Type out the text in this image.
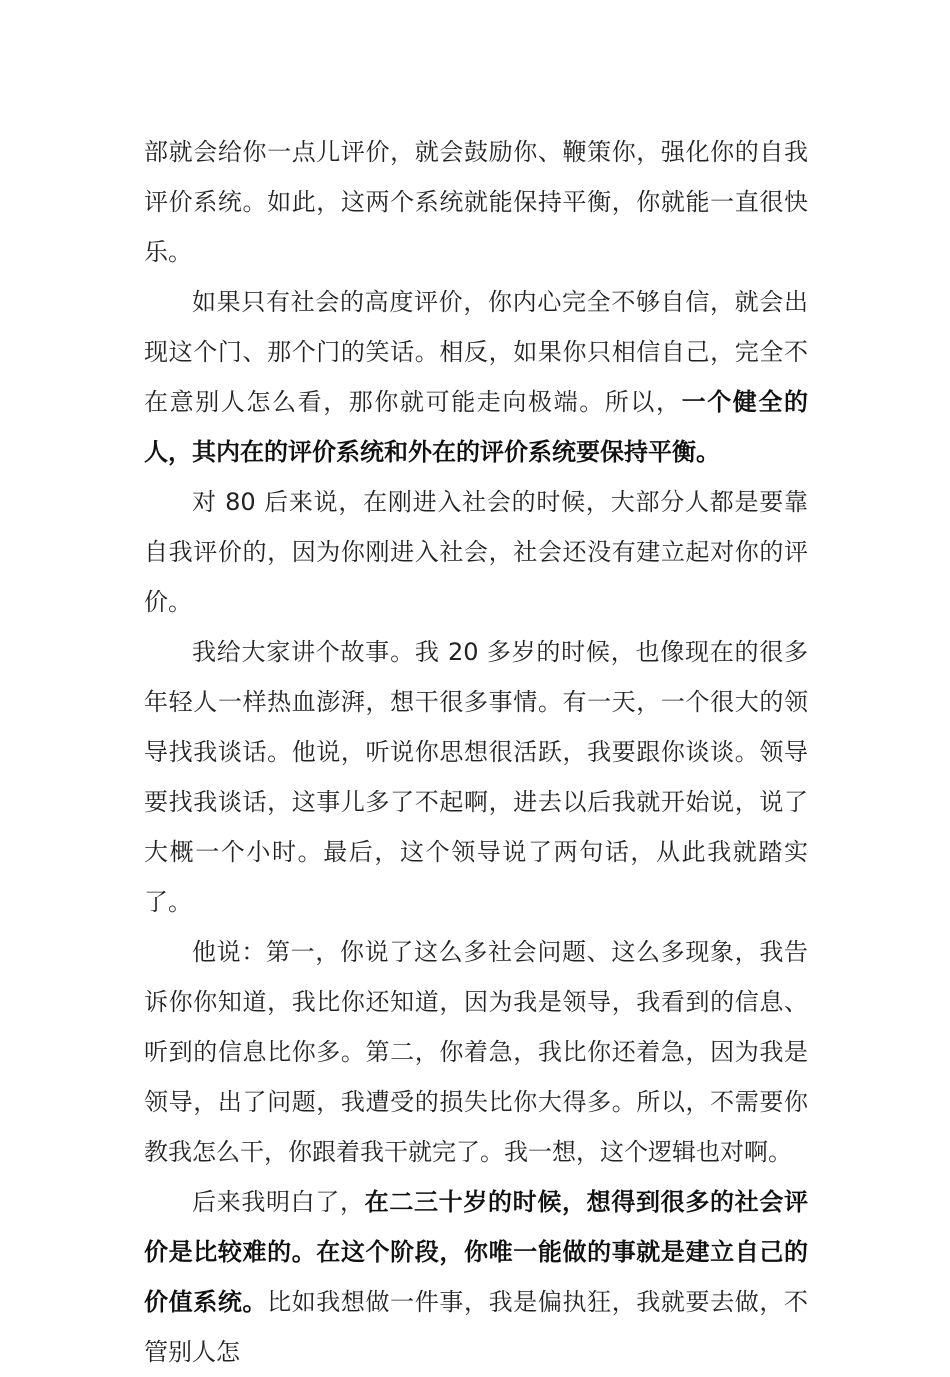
部就会给你一点儿评价，就会鼓励你、鞭策你，强化你的自我评价系统。如此，这两个系统就能保持平衡，你就能一直很快乐。

如果只有社会的高度评价，你内心完全不够自信，就会出现这个门、那个门的笑话。相反，如果你只相信自己，完全不在意别人怎么看，那你就可能走向极端。所以，一个健全的人，其内在的评价系统和外在的评价系统要保持平衡。

对 80 后来说，在刚进入社会的时候，大部分人都是要靠自我评价的，因为你刚进入社会，社会还没有建立起对你的评价。

我给大家讲个故事。我 20 多岁的时候，也像现在的很多年轻人一样热血澎湃，想干很多事情。有一天，一个很大的领导找我谈话。他说，听说你思想很活跃，我要跟你谈谈。领导要找我谈话，这事儿多了不起啊，进去以后我就开始说，说了大概一个小时。最后，这个领导说了两句话，从此我就踏实了。

他说：第一，你说了这么多社会问题、这么多现象，我告诉你你知道，我比你还知道，因为我是领导，我看到的信息、听到的信息比你多。第二，你着急，我比你还着急，因为我是领导，出了问题，我遭受的损失比你大得多。所以，不需要你教我怎么干，你跟着我干就完了。我一想，这个逻辑也对啊。

后来我明白了，在二三十岁的时候，想得到很多的社会评价是比较难的。在这个阶段，你唯一能做的事就是建立自己的价值系统。比如我想做一件事，我是偏执狂，我就要去做，不管别人怎
